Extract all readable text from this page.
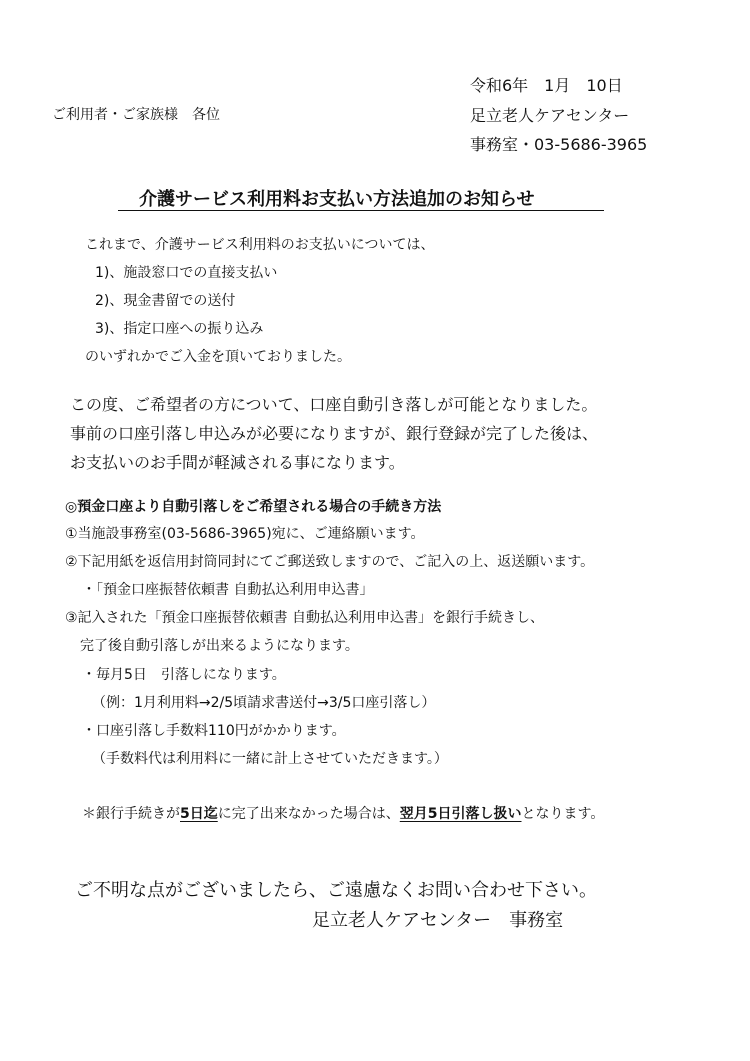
令和6年　1月　10日
ご利用者・ご家族様　各位	足立老人ケアセンター
事務室・03-5686-3965
介護サービス利用料お支払い方法追加のお知らせ
これまで、介護サービス利用料のお支払いについては、
1)、施設窓口での直接支払い
2)、現金書留での送付
3)、指定口座への振り込み
のいずれかでご入金を頂いておりました。
この度、ご希望者の方について、口座自動引き落しが可能となりました。
事前の口座引落し申込みが必要になりますが、銀行登録が完了した後は、
お支払いのお手間が軽減される事になります。
◎預金口座より自動引落しをご希望される場合の手続き方法
①当施設事務室(03-5686-3965)宛に、ご連絡願います。
②下記用紙を返信用封筒同封にてご郵送致しますので、ご記入の上、返送願います。
・「預金口座振替依頼書 自動払込利用申込書」
③記入された「預金口座振替依頼書 自動払込利用申込書」を銀行手続きし、
完了後自動引落しが出来るようになります。
・毎月5日　引落しになります。
（例：1月利用料→2/5頃請求書送付→3/5口座引落し）
・口座引落し手数料110円がかかります。
（手数料代は利用料に一緒に計上させていただきます。）
＊銀行手続きが5日迄に完了出来なかった場合は、翌月5日引落し扱いとなります。
ご不明な点がございましたら、ご遠慮なくお問い合わせ下さい。
足立老人ケアセンター　事務室
